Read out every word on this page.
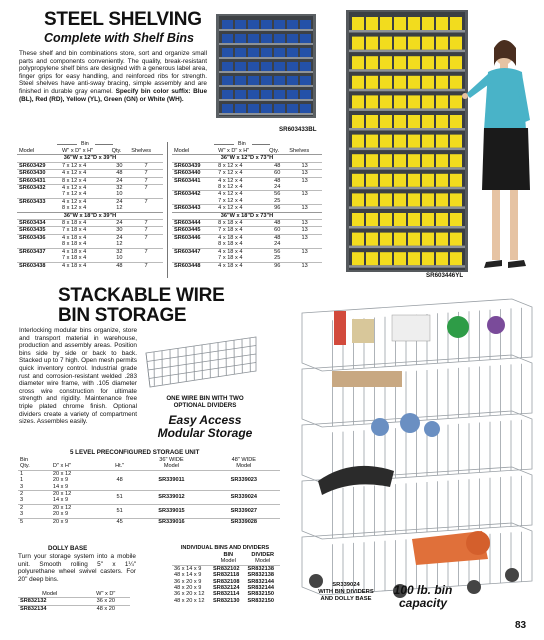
STEEL SHELVING
Complete with Shelf Bins
These shelf and bin combinations store, sort and organize small parts and components conveniently. The quality, break-resistant polypropylene shelf bins are designed with a generous label area, finger grips for easy handling, and reinforced ribs for strength. Steel shelves have anti-sway bracing, simple assembly and are finished in durable gray enamel. Specify bin color suffix: Blue (BL), Red (RD), Yellow (YL), Green (GN) or White (WH).
SR603433BL
SR603446YL
Bin
Model	W" x D" x H"	Qty.	Shelves
36"W x 12"D x 39"H			
SR603429	7 x 12 x 4	30	7
SR603430	4 x 12 x 4	48	7
SR603431	8 x 12 x 4	24	7
SR603432	4 x 12 x 4	32	7
	7 x 12 x 4	10	
SR603433	4 x 12 x 4	24	7
	8 x 12 x 4	12	
36"W x 18"D x 39"H			
SR603434	8 x 18 x 4	24	7
SR603435	7 x 18 x 4	30	7
SR603436	4 x 18 x 4	24	7
	8 x 18 x 4	12	
SR603437	4 x 18 x 4	32	7
	7 x 18 x 4	10	
SR603438	4 x 18 x 4	48	7
Bin
Model	W" x D" x H"	Qty.	Shelves
36"W x 12"D x 73"H			
SR603439	8 x 12 x 4	48	13
SR603440	7 x 12 x 4	60	13
SR603441	4 x 12 x 4	48	13
	8 x 12 x 4	24	
SR603442	4 x 12 x 4	56	13
	7 x 12 x 4	25	
SR603443	4 x 12 x 4	96	13
36"W x 18"D x 73"H			
SR603444	8 x 18 x 4	48	13
SR603445	7 x 18 x 4	60	13
SR603446	4 x 18 x 4	48	13
	8 x 18 x 4	24	
SR603447	4 x 18 x 4	56	13
	7 x 18 x 4	25	
SR603448	4 x 18 x 4	96	13
STACKABLE WIRE
BIN STORAGE
Interlocking modular bins organize, store and transport material in warehouse, production and assembly areas. Position bins side by side or back to back. Stacked up to 7 high. Open mesh permits quick inventory control. Industrial grade rust and corrosion-resistant welded .283 diameter wire frame, with .105 diameter cross wire construction for ultimate strength and rigidity. Maintenance free triple plated chrome finish. Optional dividers create a variety of compartment sizes. Assembles easily.
ONE WIRE BIN WITH TWO
OPTIONAL DIVIDERS
Easy Access
Modular Storage
5 LEVEL PRECONFIGURED STORAGE UNIT
Bin			36" WIDE	48" WIDE
Qty.	D" x H"	Ht."	Model	Model
1	20 x 12	48	SR339011	SR339023
1	20 x 9			
3	14 x 9			
2	20 x 12	51	SR339012	SR339024
3	14 x 9			
2	20 x 12	51	SR339015	SR339027
3	20 x 9			
5	20 x 9	45	SR339016	SR339028
DOLLY BASE
Turn your storage system into a mobile unit. Smooth rolling 5" x 1¼" polyurethane wheel swivel casters. For 20" deep bins.
Model	W" x D"
SR832132	36 x 20
SR832134	48 x 20
INDIVIDUAL BINS AND DIVIDERS
	BIN	DIVIDER
	Model	Model
36 x 14 x 9	SR832102	SR832138
48 x 14 x 9	SR832118	SR832138
36 x 20 x 9	SR832108	SR832144
48 x 20 x 9	SR832124	SR832144
36 x 20 x 12	SR832114	SR832150
48 x 20 x 12	SR832130	SR832150
SR339024
WITH BIN DIVIDERS
AND DOLLY BASE
100 lb. bin
capacity
83
